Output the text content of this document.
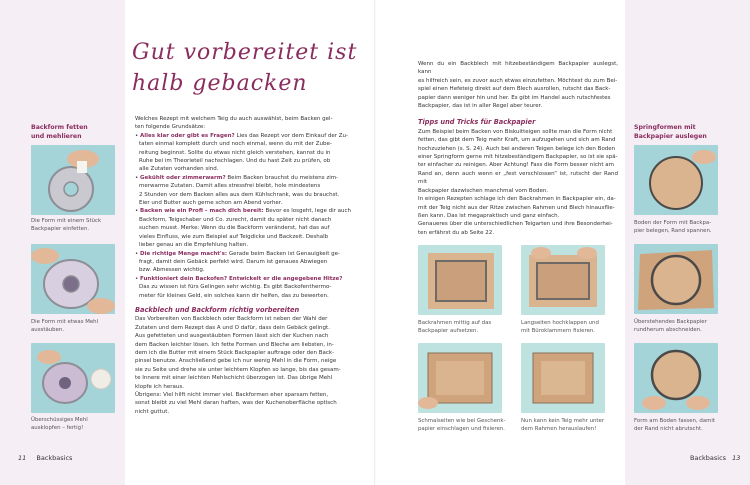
Backform fetten
und mehlieren
Die Form mit einem Stück
Backpapier einfetten.
Die Form mit etwas Mehl
ausstäuben.
Überschüssiges Mehl
ausklopfen – fertig!
11 Backbasics
Gut vorbereitet ist
halb gebacken

Welches Rezept mit welchem Teig du auch auswählst, beim Backen gel-

ten folgende Grundsätze:

• Alles klar oder gibt es Fragen? Lies das Rezept vor dem Einkauf der Zu-

taten einmal komplett durch und noch einmal, wenn du mit der Zube-

reitung beginnst. Sollte du etwas nicht gleich verstehen, kannst du in

Ruhe bei im Theorieteil nachschlagen. Und du hast Zeit zu prüfen, ob

alle Zutaten vorhanden sind.

• Gekühlt oder zimmerwarm? Beim Backen brauchst du meistens zim-

merwarme Zutaten. Damit alles stressfrei bleibt, hole mindestens

2 Stunden vor dem Backen alles aus dem Kühlschrank, was du brauchst.

Eier und Butter auch gerne schon am Abend vorher.

• Backen wie ein Profi – mach dich bereit: Bevor es losgeht, lege dir auch

Backform, Teigschaber und Co. zurecht, damit du später nicht danach

suchen musst. Merke: Wenn du die Backform veränderst, hat das auf

vieles Einfluss, wie zum Beispiel auf Teigdicke und Backzeit. Deshalb

lieber genau an die Empfehlung halten.

• Die richtige Menge macht's: Gerade beim Backen ist Genauigkeit ge-

fragt, damit dein Gebäck perfekt wird. Darum ist genaues Abwiegen

bzw. Abmessen wichtig.

• Funktioniert dein Backofen? Entwickelt er die angegebene Hitze?

Das zu wissen ist fürs Gelingen sehr wichtig. Es gibt Backofenthermo-

meter für kleines Geld, ein solches kann dir helfen, das zu bewerten.

Backblech und Backform richtig vorbereiten

Das Vorbereiten von Backblech oder Backform ist neben der Wahl der

Zutaten und dem Rezept das A und O dafür, dass dein Gebäck gelingt.

Aus gefetteten und ausgestäubten Formen lässt sich der Kuchen nach

dem Backen leichter lösen. Ich fette Formen und Bleche am liebsten, in-

dem ich die Butter mit einem Stück Backpapier auftrage oder den Back-

pinsel benutze. Anschließend gebe ich nur wenig Mehl in die Form, neige

sie zu Seite und drehe sie unter leichtem Klopfen so lange, bis das gesam-

te Innere mit einer leichten Mehlschicht überzogen ist. Das übrige Mehl

klopfe ich heraus.

Übrigens: Viel hilft nicht immer viel. Backformen eher sparsam fetten,

sonst bleibt zu viel Mehl daran haften, was der Kuchenoberfläche optisch

nicht guttut.

Wenn du ein Backblech mit hitzebeständigem Backpapier auslegst, kann

es hilfreich sein, es zuvor auch etwas einzufetten. Möchtest du zum Bei-

spiel einen Hefeteig direkt auf dem Blech ausrollen, rutscht das Back-

papier dann weniger hin und her. Es gibt im Handel auch rutschfestes

Backpapier, das ist in aller Regel aber teurer.

Tipps und Tricks für Backpapier

Zum Beispiel beim Backen von Biskuitteigen sollte man die Form nicht

fetten, das gibt dem Teig mehr Kraft, um aufzugehen und sich am Rand

hochzuziehen (s. S. 24). Auch bei anderen Teigen belege ich den Boden

einer Springform gerne mit hitzebeständigem Backpapier, so ist sie spä-

ter einfacher zu reinigen. Aber Achtung! Fass die Form besser nicht am

Rand an, denn auch wenn er „fest verschlossen“ ist, rutscht der Rand mit

Backpapier dazwischen manchmal vom Boden.

In einigen Rezepten schlage ich den Backrahmen in Backpapier ein, da-

mit der Teig nicht aus der Ritze zwischen Rahmen und Blech hinausflie-

ßen kann. Das ist megapraktisch und ganz einfach.

Genaueres über die unterschiedlichen Teigarten und ihre Besonderhei-

ten erfährst du ab Seite 22.

Backrahmen mittig auf das
Backpapier aufsetzen.
Langseiten hochklappen und
mit Büroklammern fixieren.
Schmalseiten wie bei Geschenk-
papier einschlagen und fixieren.
Nun kann kein Teig mehr unter
dem Rahmen herauslaufen!
Springformen mit
Backpapier auslegen
Boden der Form mit Backpa-
pier belegen, Rand spannen.
Überstehendes Backpapier
rundherum abschneiden.
Form am Boden fassen, damit
der Rand nicht abrutscht.
Backbasics 13
